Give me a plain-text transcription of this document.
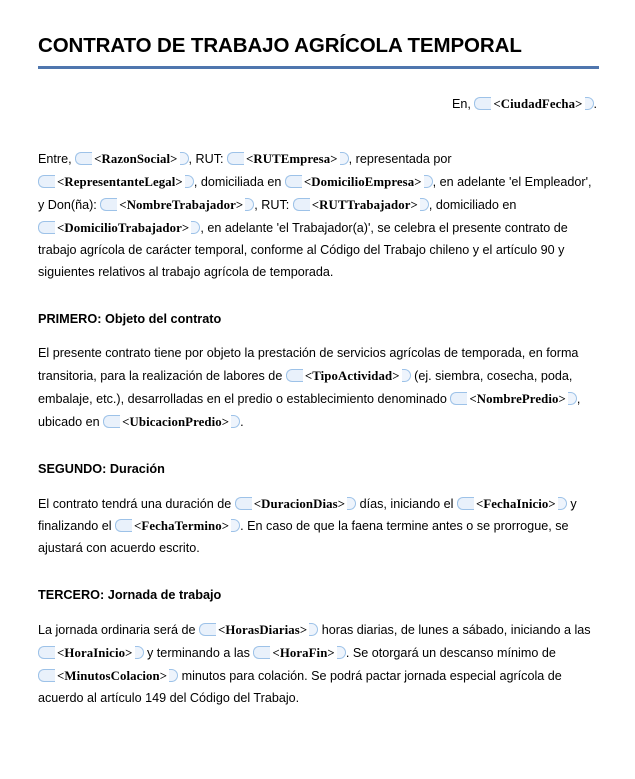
CONTRATO DE TRABAJO AGRÍCOLA TEMPORAL
En, <CiudadFecha> .

Entre, <RazonSocial> , RUT: <RUTEmpresa> , representada por <RepresentanteLegal> , domiciliada en <DomicilioEmpresa> , en adelante 'el Empleador', y Don(ña): <NombreTrabajador> , RUT: <RUTTrabajador> , domiciliado en <DomicilioTrabajador> , en adelante 'el Trabajador(a)', se celebra el presente contrato de trabajo agrícola de carácter temporal, conforme al Código del Trabajo chileno y el artículo 90 y siguientes relativos al trabajo agrícola de temporada.

PRIMERO: Objeto del contrato

El presente contrato tiene por objeto la prestación de servicios agrícolas de temporada, en forma transitoria, para la realización de labores de <TipoActividad> (ej. siembra, cosecha, poda, embalaje, etc.), desarrolladas en el predio o establecimiento denominado <NombrePredio> , ubicado en <UbicacionPredio> .

SEGUNDO: Duración

El contrato tendrá una duración de <DuracionDias> días, iniciando el <FechaInicio> y finalizando el <FechaTermino> . En caso de que la faena termine antes o se prorrogue, se ajustará con acuerdo escrito.

TERCERO: Jornada de trabajo

La jornada ordinaria será de <HorasDiarias> horas diarias, de lunes a sábado, iniciando a las <HoraInicio> y terminando a las <HoraFin> . Se otorgará un descanso mínimo de <MinutosColacion> minutos para colación. Se podrá pactar jornada especial agrícola de acuerdo al artículo 149 del Código del Trabajo.
